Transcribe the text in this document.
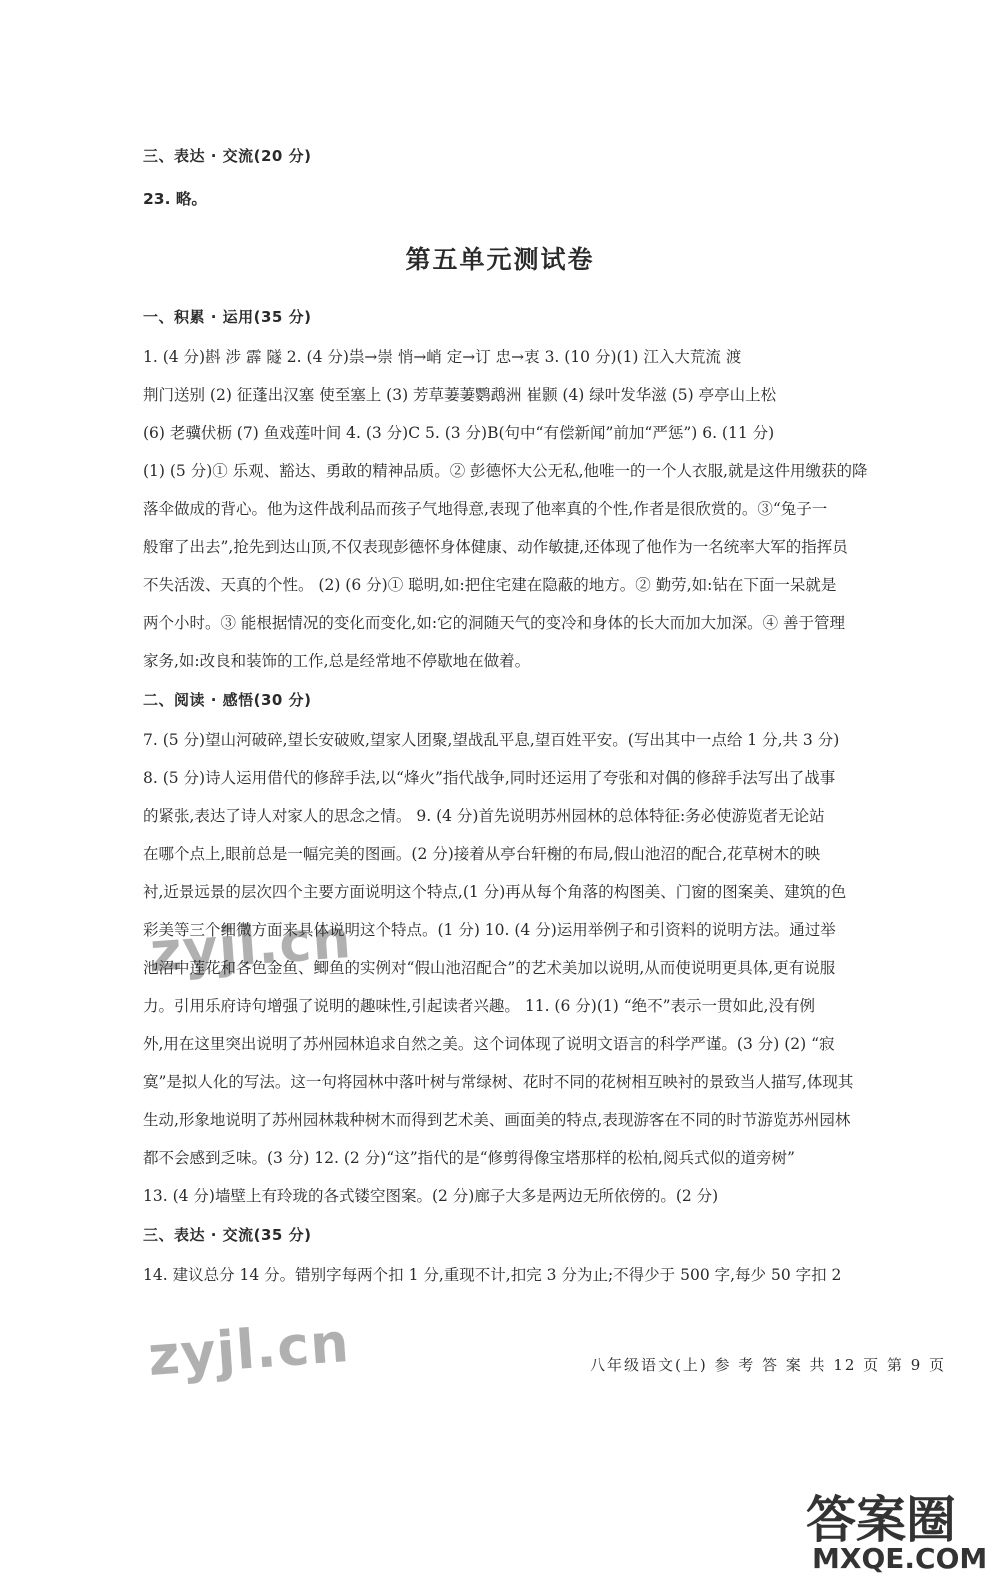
三、表达 · 交流(20 分)
23. 略。
第五单元测试卷
一、积累 · 运用(35 分)
1. (4 分)斟 涉 霹 隧 2. (4 分)祟→崇 悄→峭 定→订 忠→衷 3. (10 分)(1) 江入大荒流 渡
荆门送别 (2) 征蓬出汉塞 使至塞上 (3) 芳草萋萋鹦鹉洲 崔颢 (4) 绿叶发华滋 (5) 亭亭山上松
(6) 老骥伏枥 (7) 鱼戏莲叶间 4. (3 分)C 5. (3 分)B(句中“有偿新闻”前加“严惩”) 6. (11 分)
(1) (5 分)① 乐观、豁达、勇敢的精神品质。② 彭德怀大公无私,他唯一的一个人衣服,就是这件用缴获的降
落伞做成的背心。他为这件战利品而孩子气地得意,表现了他率真的个性,作者是很欣赏的。③“兔子一
般窜了出去”,抢先到达山顶,不仅表现彭德怀身体健康、动作敏捷,还体现了他作为一名统率大军的指挥员
不失活泼、天真的个性。 (2) (6 分)① 聪明,如:把住宅建在隐蔽的地方。② 勤劳,如:钻在下面一呆就是
两个小时。③ 能根据情况的变化而变化,如:它的洞随天气的变冷和身体的长大而加大加深。④ 善于管理
家务,如:改良和装饰的工作,总是经常地不停歇地在做着。
二、阅读 · 感悟(30 分)
7. (5 分)望山河破碎,望长安破败,望家人团聚,望战乱平息,望百姓平安。(写出其中一点给 1 分,共 3 分)
8. (5 分)诗人运用借代的修辞手法,以“烽火”指代战争,同时还运用了夸张和对偶的修辞手法写出了战事
的紧张,表达了诗人对家人的思念之情。 9. (4 分)首先说明苏州园林的总体特征:务必使游览者无论站
在哪个点上,眼前总是一幅完美的图画。(2 分)接着从亭台轩榭的布局,假山池沼的配合,花草树木的映
衬,近景远景的层次四个主要方面说明这个特点,(1 分)再从每个角落的构图美、门窗的图案美、建筑的色
彩美等三个细微方面来具体说明这个特点。(1 分) 10. (4 分)运用举例子和引资料的说明方法。通过举
池沼中莲花和各色金鱼、鲫鱼的实例对“假山池沼配合”的艺术美加以说明,从而使说明更具体,更有说服
力。引用乐府诗句增强了说明的趣味性,引起读者兴趣。 11. (6 分)(1) “绝不”表示一贯如此,没有例
外,用在这里突出说明了苏州园林追求自然之美。这个词体现了说明文语言的科学严谨。(3 分) (2) “寂
寞”是拟人化的写法。这一句将园林中落叶树与常绿树、花时不同的花树相互映衬的景致当人描写,体现其
生动,形象地说明了苏州园林栽种树木而得到艺术美、画面美的特点,表现游客在不同的时节游览苏州园林
都不会感到乏味。(3 分) 12. (2 分)“这”指代的是“修剪得像宝塔那样的松柏,阅兵式似的道旁树”
13. (4 分)墙壁上有玲珑的各式镂空图案。(2 分)廊子大多是两边无所依傍的。(2 分)
三、表达 · 交流(35 分)
14. 建议总分 14 分。错别字每两个扣 1 分,重现不计,扣完 3 分为止;不得少于 500 字,每少 50 字扣 2
八年级语文(上) 参 考 答 案 共 12 页 第 9 页
zyjl.cn
zyjl.cn
答案圈
MXQE.COM
